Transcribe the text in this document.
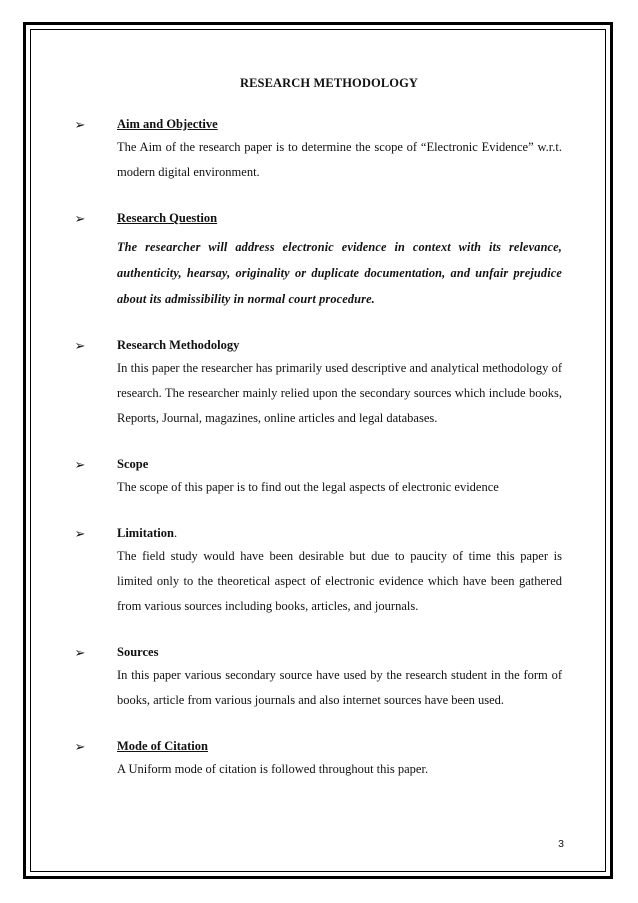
RESEARCH METHODOLOGY
➢	Aim and Objective
The Aim of the research paper is to determine the scope of “Electronic Evidence” w.r.t. modern digital environment.
➢	Research Question
The researcher will address electronic evidence in context with its relevance, authenticity, hearsay, originality or duplicate documentation, and unfair prejudice about its admissibility in normal court procedure.
➢	Research Methodology
In this paper the researcher has primarily used descriptive and analytical methodology of research. The researcher mainly relied upon the secondary sources which include books, Reports, Journal, magazines, online articles and legal databases.
➢	Scope
The scope of this paper is to find out the legal aspects of electronic evidence
➢	Limitation.
The field study would have been desirable but due to paucity of time this paper is limited only to the theoretical aspect of electronic evidence which have been gathered from various sources including books, articles, and journals.
➢	Sources
In this paper various secondary source have used by the research student in the form of books, article from various journals and also internet sources have been used.
➢	Mode of Citation
A Uniform mode of citation is followed throughout this paper.
3
